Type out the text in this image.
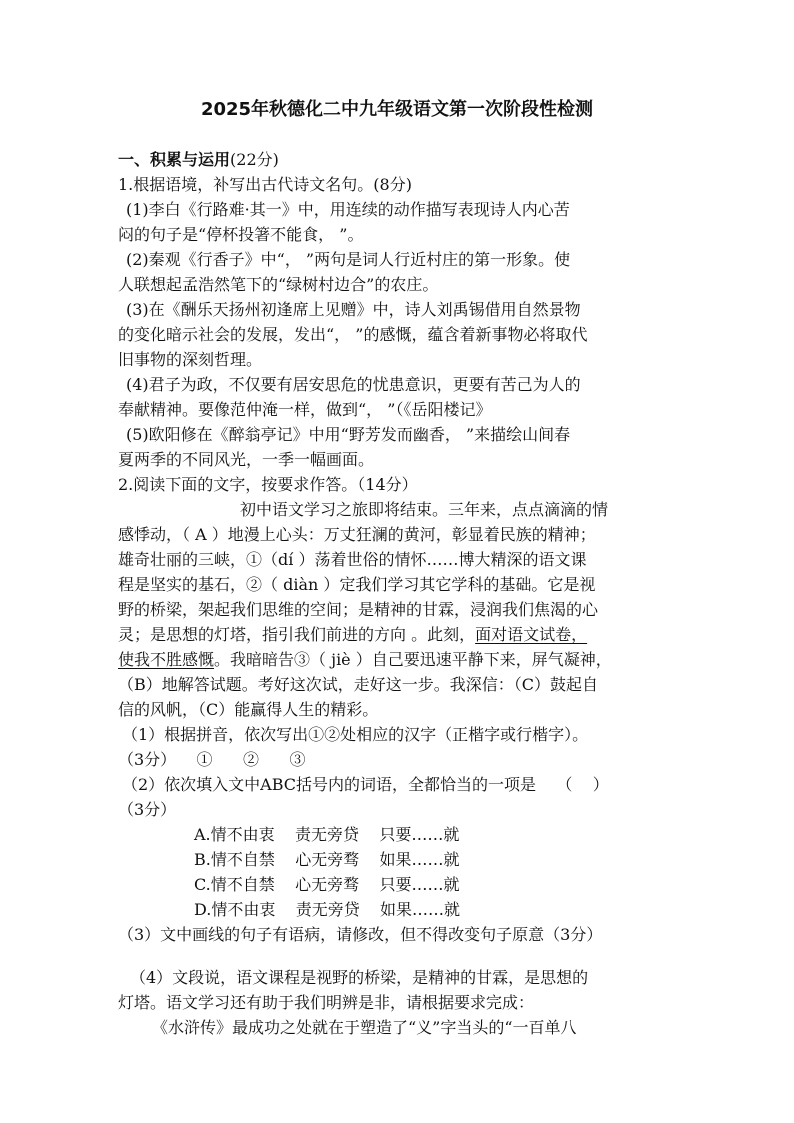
2025年秋德化二中九年级语文第一次阶段性检测
一、积累与运用(22分)
1.根据语境，补写出古代诗文名句。(8分)
(1)李白《行路难·其一》中，用连续的动作描写表现诗人内心苦
闷的句子是“停杯投箸不能食， ”。
(2)秦观《行香子》中“， ”两句是词人行近村庄的第一形象。使
人联想起孟浩然笔下的“绿树村边合”的农庄。
(3)在《酬乐天扬州初逢席上见赠》中，诗人刘禹锡借用自然景物
的变化暗示社会的发展，发出“， ”的感慨，蕴含着新事物必将取代
旧事物的深刻哲理。
(4)君子为政，不仅要有居安思危的忧患意识，更要有苦己为人的
奉献精神。要像范仲淹一样，做到“， ”（《岳阳楼记》
(5)欧阳修在《醉翁亭记》中用“野芳发而幽香， ”来描绘山间春
夏两季的不同风光，一季一幅画面。
2.阅读下面的文字，按要求作答。（14分）
初中语文学习之旅即将结束。三年来，点点滴滴的情
感悸动，（ A ）地漫上心头：万丈狂澜的黄河，彰显着民族的精神；
雄奇壮丽的三峡，①（dí ）荡着世俗的情怀……博大精深的语文课
程是坚实的基石，②（ diàn ）定我们学习其它学科的基础。它是视
野的桥梁，架起我们思维的空间；是精神的甘霖，浸润我们焦渴的心
灵；是思想的灯塔，指引我们前进的方向 。此刻，面对语文试卷，
使我不胜感慨。我暗暗告③（ jiè ）自己要迅速平静下来，屏气凝神，
（B）地解答试题。考好这次试，走好这一步。我深信：（C）鼓起自
信的风帆，（C）能赢得人生的精彩。
（1）根据拼音，依次写出①②处相应的汉字（正楷字或行楷字）。
（3分）    ①      ②      ③
（2）依次填入文中ABC括号内的词语，全都恰当的一项是    （    ）
（3分）
A.情不由衷    责无旁贷    只要……就
B.情不自禁    心无旁骛    如果……就
C.情不自禁    心无旁骛    只要……就
D.情不由衷    责无旁贷    如果……就
（3）文中画线的句子有语病，请修改，但不得改变句子原意（3分）
（4）文段说，语文课程是视野的桥梁，是精神的甘霖，是思想的
灯塔。语文学习还有助于我们明辨是非，请根据要求完成：
《水浒传》最成功之处就在于塑造了“义”字当头的“一百单八
